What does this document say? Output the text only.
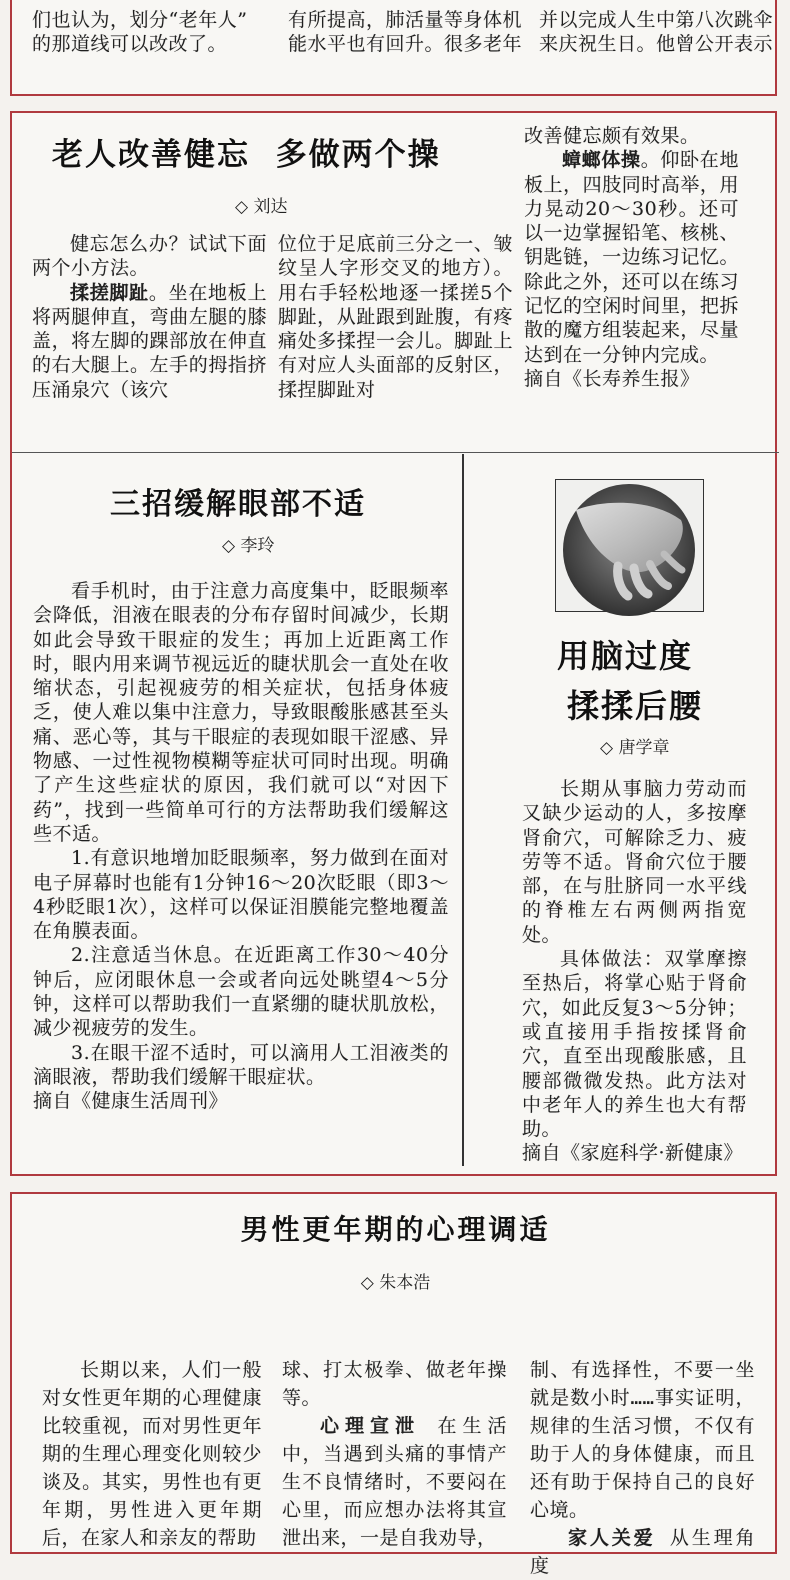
们也认为，划分“老年人”

的那道线可以改改了。

有所提高，肺活量等身体机

能水平也有回升。很多老年

并以完成人生中第八次跳伞

来庆祝生日。他曾公开表示

老人改善健忘  多做两个操
◇ 刘达

健忘怎么办？试试下面两个小方法。

揉搓脚趾。坐在地板上将两腿伸直，弯曲左腿的膝盖，将左脚的踝部放在伸直的右大腿上。左手的拇指挤压涌泉穴（该穴

位位于足底前三分之一、皱纹呈人字形交叉的地方）。用右手轻松地逐一揉搓5个脚趾，从趾跟到趾腹，有疼痛处多揉捏一会儿。脚趾上有对应人头面部的反射区，揉捏脚趾对

改善健忘颇有效果。

蟑螂体操。仰卧在地板上，四肢同时高举，用力晃动20～30秒。还可以一边掌握铅笔、核桃、钥匙链，一边练习记忆。除此之外，还可以在练习记忆的空闲时间里，把拆散的魔方组装起来，尽量达到在一分钟内完成。

摘自《长寿养生报》

三招缓解眼部不适
◇ 李玲

看手机时，由于注意力高度集中，眨眼频率会降低，泪液在眼表的分布存留时间减少，长期如此会导致干眼症的发生；再加上近距离工作时，眼内用来调节视远近的睫状肌会一直处在收缩状态，引起视疲劳的相关症状，包括身体疲乏，使人难以集中注意力，导致眼酸胀感甚至头痛、恶心等，其与干眼症的表现如眼干涩感、异物感、一过性视物模糊等症状可同时出现。明确了产生这些症状的原因，我们就可以“对因下药”，找到一些简单可行的方法帮助我们缓解这些不适。

1.有意识地增加眨眼频率，努力做到在面对电子屏幕时也能有1分钟16～20次眨眼（即3～4秒眨眼1次），这样可以保证泪膜能完整地覆盖在角膜表面。

2.注意适当休息。在近距离工作30～40分钟后，应闭眼休息一会或者向远处眺望4～5分钟，这样可以帮助我们一直紧绷的睫状肌放松，减少视疲劳的发生。

3.在眼干涩不适时，可以滴用人工泪液类的滴眼液，帮助我们缓解干眼症状。

摘自《健康生活周刊》

用脑过度
揉揉后腰
◇ 唐学章

长期从事脑力劳动而又缺少运动的人，多按摩肾俞穴，可解除乏力、疲劳等不适。肾俞穴位于腰部，在与肚脐同一水平线的脊椎左右两侧两指宽处。

具体做法：双掌摩擦至热后，将掌心贴于肾俞穴，如此反复3～5分钟；或直接用手指按揉肾俞穴，直至出现酸胀感，且腰部微微发热。此方法对中老年人的养生也大有帮助。

摘自《家庭科学·新健康》

男性更年期的心理调适
◇ 朱本浩

长期以来，人们一般对女性更年期的心理健康比较重视，而对男性更年期的生理心理变化则较少谈及。其实，男性也有更年期，男性进入更年期后，在家人和亲友的帮助

球、打太极拳、做老年操等。

心理宣泄 在生活中，当遇到头痛的事情产生不良情绪时，不要闷在心里，而应想办法将其宣泄出来，一是自我劝导，

制、有选择性，不要一坐就是数小时……事实证明，规律的生活习惯，不仅有助于人的身体健康，而且还有助于保持自己的良好心境。

家人关爱 从生理角度
